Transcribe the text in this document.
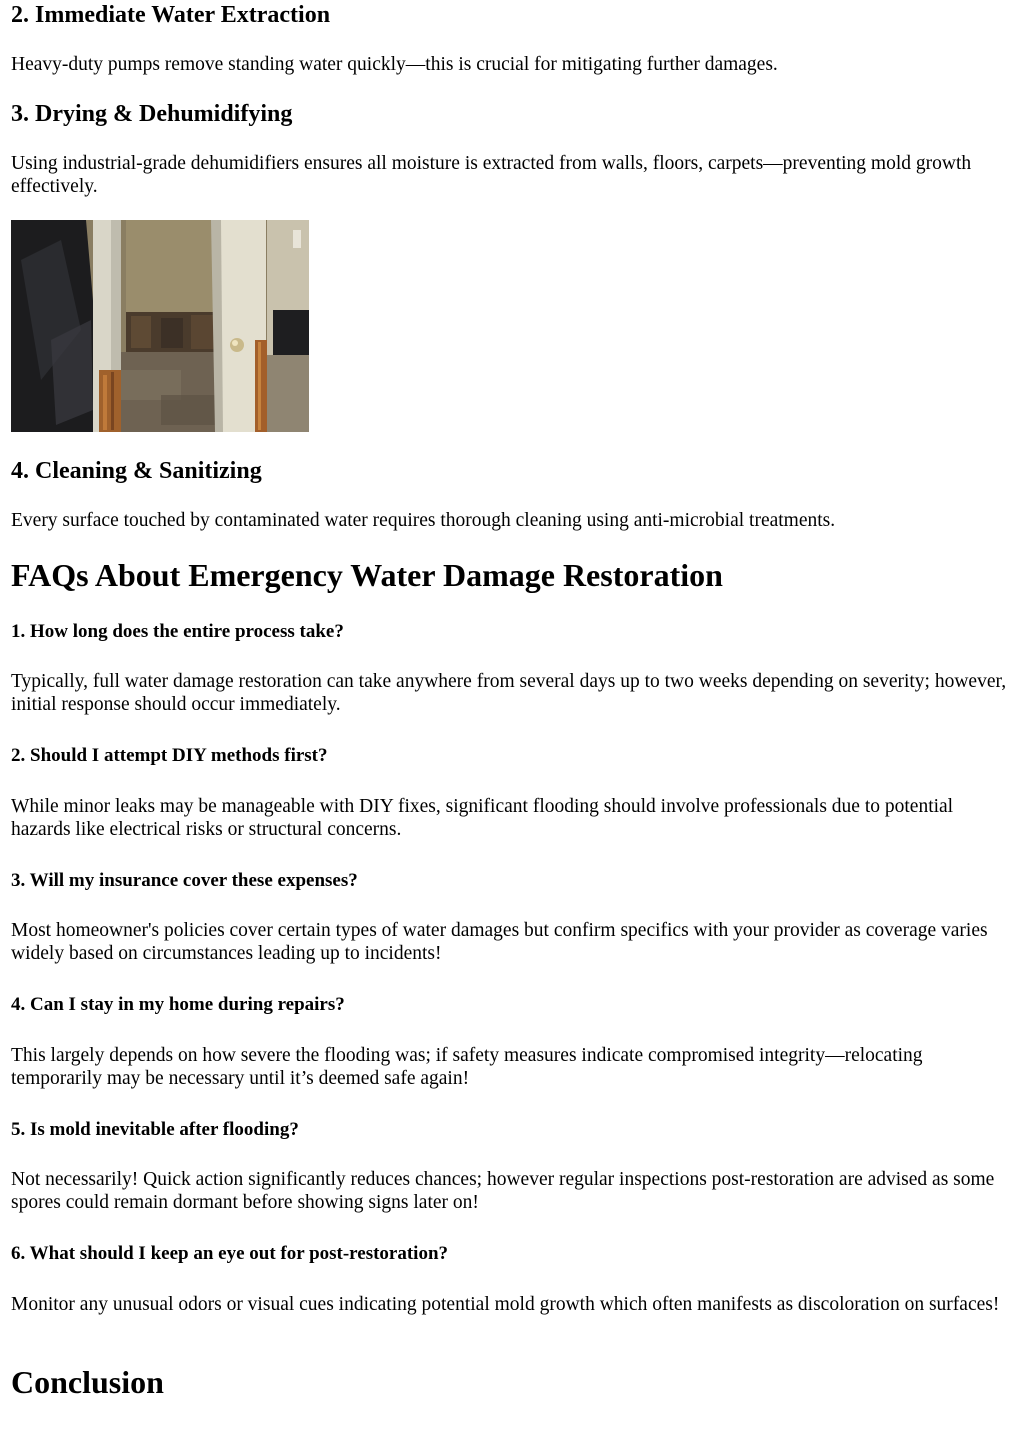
2. Immediate Water Extraction

Heavy-duty pumps remove standing water quickly—this is crucial for mitigating further damages.

3. Drying & Dehumidifying

Using industrial-grade dehumidifiers ensures all moisture is extracted from walls, floors, carpets—preventing mold growth effectively.

4. Cleaning & Sanitizing

Every surface touched by contaminated water requires thorough cleaning using anti-microbial treatments.

FAQs About Emergency Water Damage Restoration
1. How long does the entire process take?

Typically, full water damage restoration can take anywhere from several days up to two weeks depending on severity; however, initial response should occur immediately.

2. Should I attempt DIY methods first?

While minor leaks may be manageable with DIY fixes, significant flooding should involve professionals due to potential hazards like electrical risks or structural concerns.

3. Will my insurance cover these expenses?

Most homeowner's policies cover certain types of water damages but confirm specifics with your provider as coverage varies widely based on circumstances leading up to incidents!

4. Can I stay in my home during repairs?

This largely depends on how severe the flooding was; if safety measures indicate compromised integrity—relocating temporarily may be necessary until it’s deemed safe again!

5. Is mold inevitable after flooding?

Not necessarily! Quick action significantly reduces chances; however regular inspections post-restoration are advised as some spores could remain dormant before showing signs later on!

6. What should I keep an eye out for post-restoration?

Monitor any unusual odors or visual cues indicating potential mold growth which often manifests as discoloration on surfaces!

Conclusion
